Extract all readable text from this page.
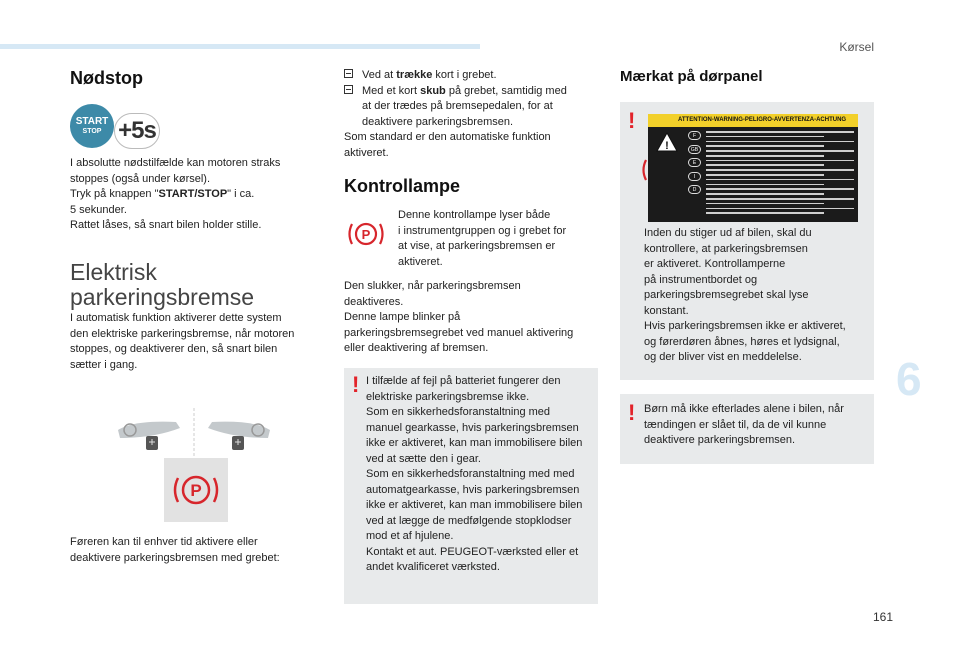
Kørsel
Nødstop
START
STOP +5s
I absolutte nødstilfælde kan motoren straks
stoppes (også under kørsel).
Tryk på knappen "START/STOP" i ca.
5 sekunder.
Rattet låses, så snart bilen holder stille.
Elektrisk
parkeringsbremse
I automatisk funktion aktiverer dette system
den elektriske parkeringsbremse, når motoren
stoppes, og deaktiverer den, så snart bilen
sætter i gang.
P
Føreren kan til enhver tid aktivere eller
deaktivere parkeringsbremsen med grebet:
Ved at trække kort i grebet.
Med et kort skub på grebet, samtidig med
at der trædes på bremsepedalen, for at
deaktivere parkeringsbremsen.
Som standard er den automatiske funktion
aktiveret.
Kontrollampe
P
Denne kontrollampe lyser både
i instrumentgruppen og i grebet for
at vise, at parkeringsbremsen er
aktiveret.
Den slukker, når parkeringsbremsen
deaktiveres.
Denne lampe blinker på
parkeringsbremsegrebet ved manuel aktivering
eller deaktivering af bremsen.
! I tilfælde af fejl på batteriet fungerer den
elektriske parkeringsbremse ikke.
Som en sikkerhedsforanstaltning med
manuel gearkasse, hvis parkeringsbremsen
ikke er aktiveret, kan man immobilisere bilen
ved at sætte den i gear.
Som en sikkerhedsforanstaltning med med
automatgearkasse, hvis parkeringsbremsen
ikke er aktiveret, kan man immobilisere bilen
ved at lægge de medfølgende stopklodser
mod et af hjulene.
Kontakt et aut. PEUGEOT-værksted eller et
andet kvalificeret værksted.
Mærkat på dørpanel
!
Inden du stiger ud af bilen, skal du
kontrollere, at parkeringsbremsen
er aktiveret. Kontrollamperne
på instrumentbordet og
parkeringsbremsegrebet skal lyse
konstant.
Hvis parkeringsbremsen ikke er aktiveret,
og førerdøren åbnes, høres et lydsignal,
og der bliver vist en meddelelse.
ATTENTION-WARNING-PELIGRO-AVVERTENZA-ACHTUNG
!
F
GB
E
I
D
! Børn må ikke efterlades alene i bilen, når
tændingen er slået til, da de vil kunne
deaktivere parkeringsbremsen.
6
161
